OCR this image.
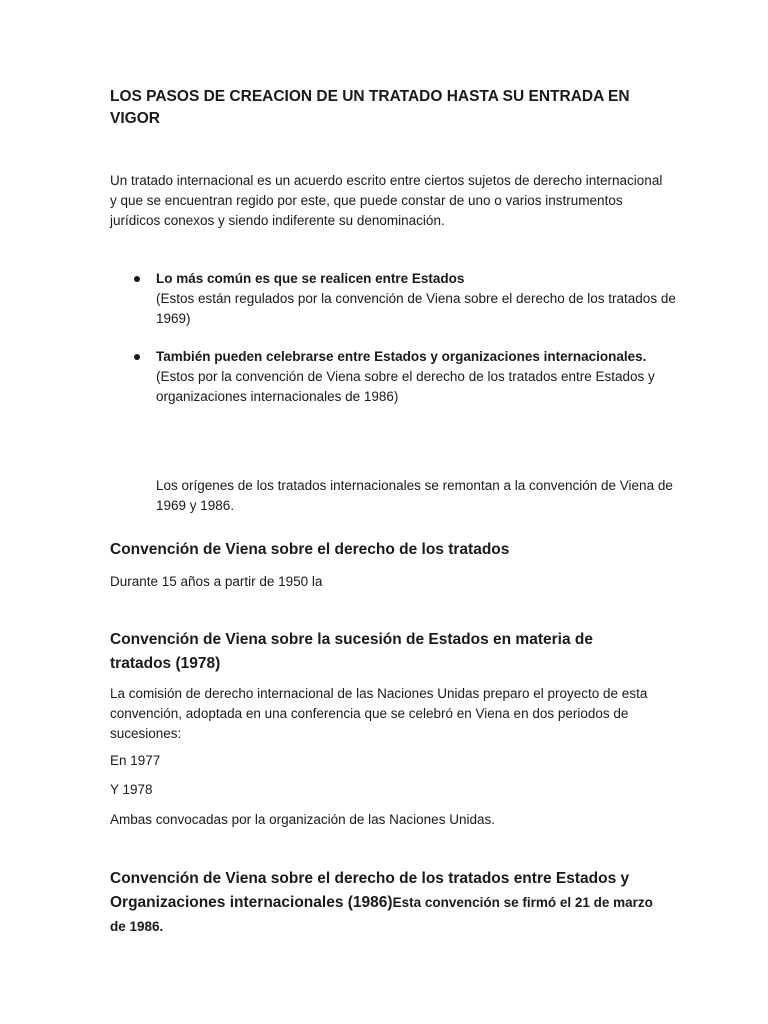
LOS PASOS DE CREACION DE UN TRATADO HASTA SU ENTRADA EN VIGOR

Un tratado internacional es un acuerdo escrito entre ciertos sujetos de derecho internacional y que se encuentran regido por este, que puede constar de uno o varios instrumentos jurídicos conexos y siendo indiferente su denominación.

Lo más común es que se realicen entre Estados
(Estos están regulados por la convención de Viena sobre el derecho de los tratados de 1969)
También pueden celebrarse entre Estados y organizaciones internacionales.
(Estos por la convención de Viena sobre el derecho de los tratados entre Estados y organizaciones internacionales de 1986)

Los orígenes de los tratados internacionales se remontan a la convención de Viena de 1969 y 1986.

Convención de Viena sobre el derecho de los tratados

Durante 15 años a partir de 1950 la

Convención de Viena sobre la sucesión de Estados en materia de tratados (1978)

La comisión de derecho internacional de las Naciones Unidas preparo el proyecto de esta convención, adoptada en una conferencia que se celebró en Viena en dos periodos de sucesiones:

En 1977

Y 1978

Ambas convocadas por la organización de las Naciones Unidas.

Convención de Viena sobre el derecho de los tratados entre Estados y Organizaciones internacionales (1986)Esta convención se firmó el 21 de marzo de 1986.
